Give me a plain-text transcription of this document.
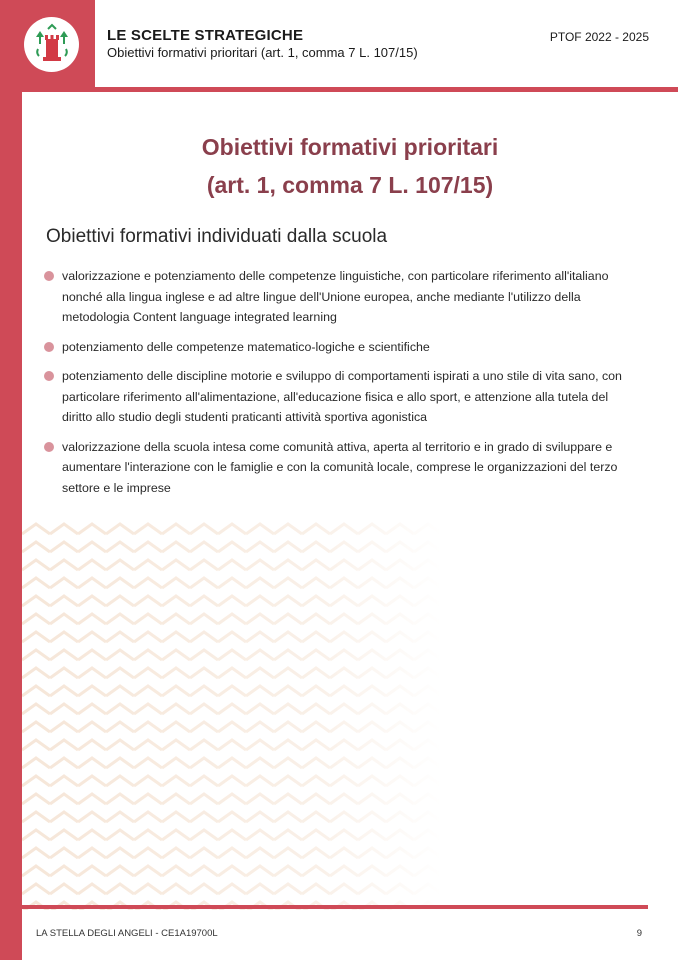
LE SCELTE STRATEGICHE
Obiettivi formativi prioritari (art. 1, comma 7 L. 107/15)
PTOF 2022 - 2025
Obiettivi formativi prioritari
(art. 1, comma 7 L. 107/15)
Obiettivi formativi individuati dalla scuola
valorizzazione e potenziamento delle competenze linguistiche, con particolare riferimento all'italiano nonché alla lingua inglese e ad altre lingue dell'Unione europea, anche mediante l'utilizzo della metodologia Content language integrated learning
potenziamento delle competenze matematico-logiche e scientifiche
potenziamento delle discipline motorie e sviluppo di comportamenti ispirati a uno stile di vita sano, con particolare riferimento all'alimentazione, all'educazione fisica e allo sport, e attenzione alla tutela del diritto allo studio degli studenti praticanti attività sportiva agonistica
valorizzazione della scuola intesa come comunità attiva, aperta al territorio e in grado di sviluppare e aumentare l'interazione con le famiglie e con la comunità locale, comprese le organizzazioni del terzo settore e le imprese
LA STELLA DEGLI ANGELI - CE1A19700L	9
